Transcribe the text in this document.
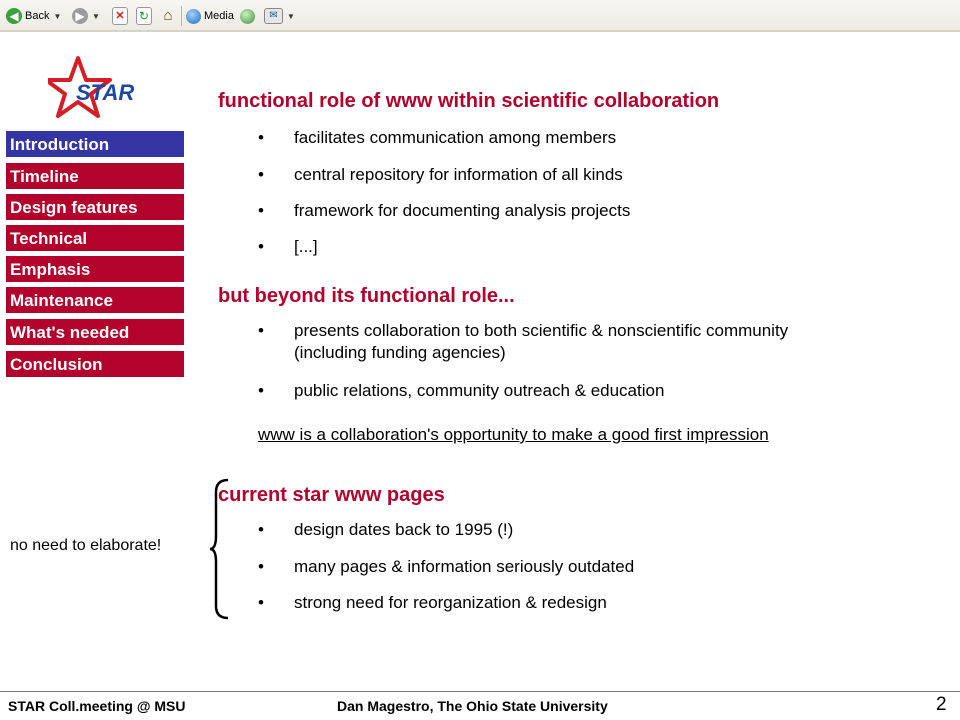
◀ Back ▼ ▶ ▼	✕ ↻ ⌂	Media	✉	▼
STAR
Introduction
Timeline
Design features
Technical
Emphasis
Maintenance
What's needed
Conclusion
functional role of www within scientific collaboration
• facilitates communication among members
• central repository for information of all kinds
• framework for documenting analysis projects
• [...]
but beyond its functional role...
• presents collaboration to both scientific & nonscientific community (including funding agencies)
• public relations, community outreach & education
www is a collaboration's opportunity to make a good first impression
current star www pages
• design dates back to 1995 (!)
• many pages & information seriously outdated
• strong need for reorganization & redesign
no need to elaborate!
STAR Coll.meeting @ MSU	Dan Magestro, The Ohio State University	2
